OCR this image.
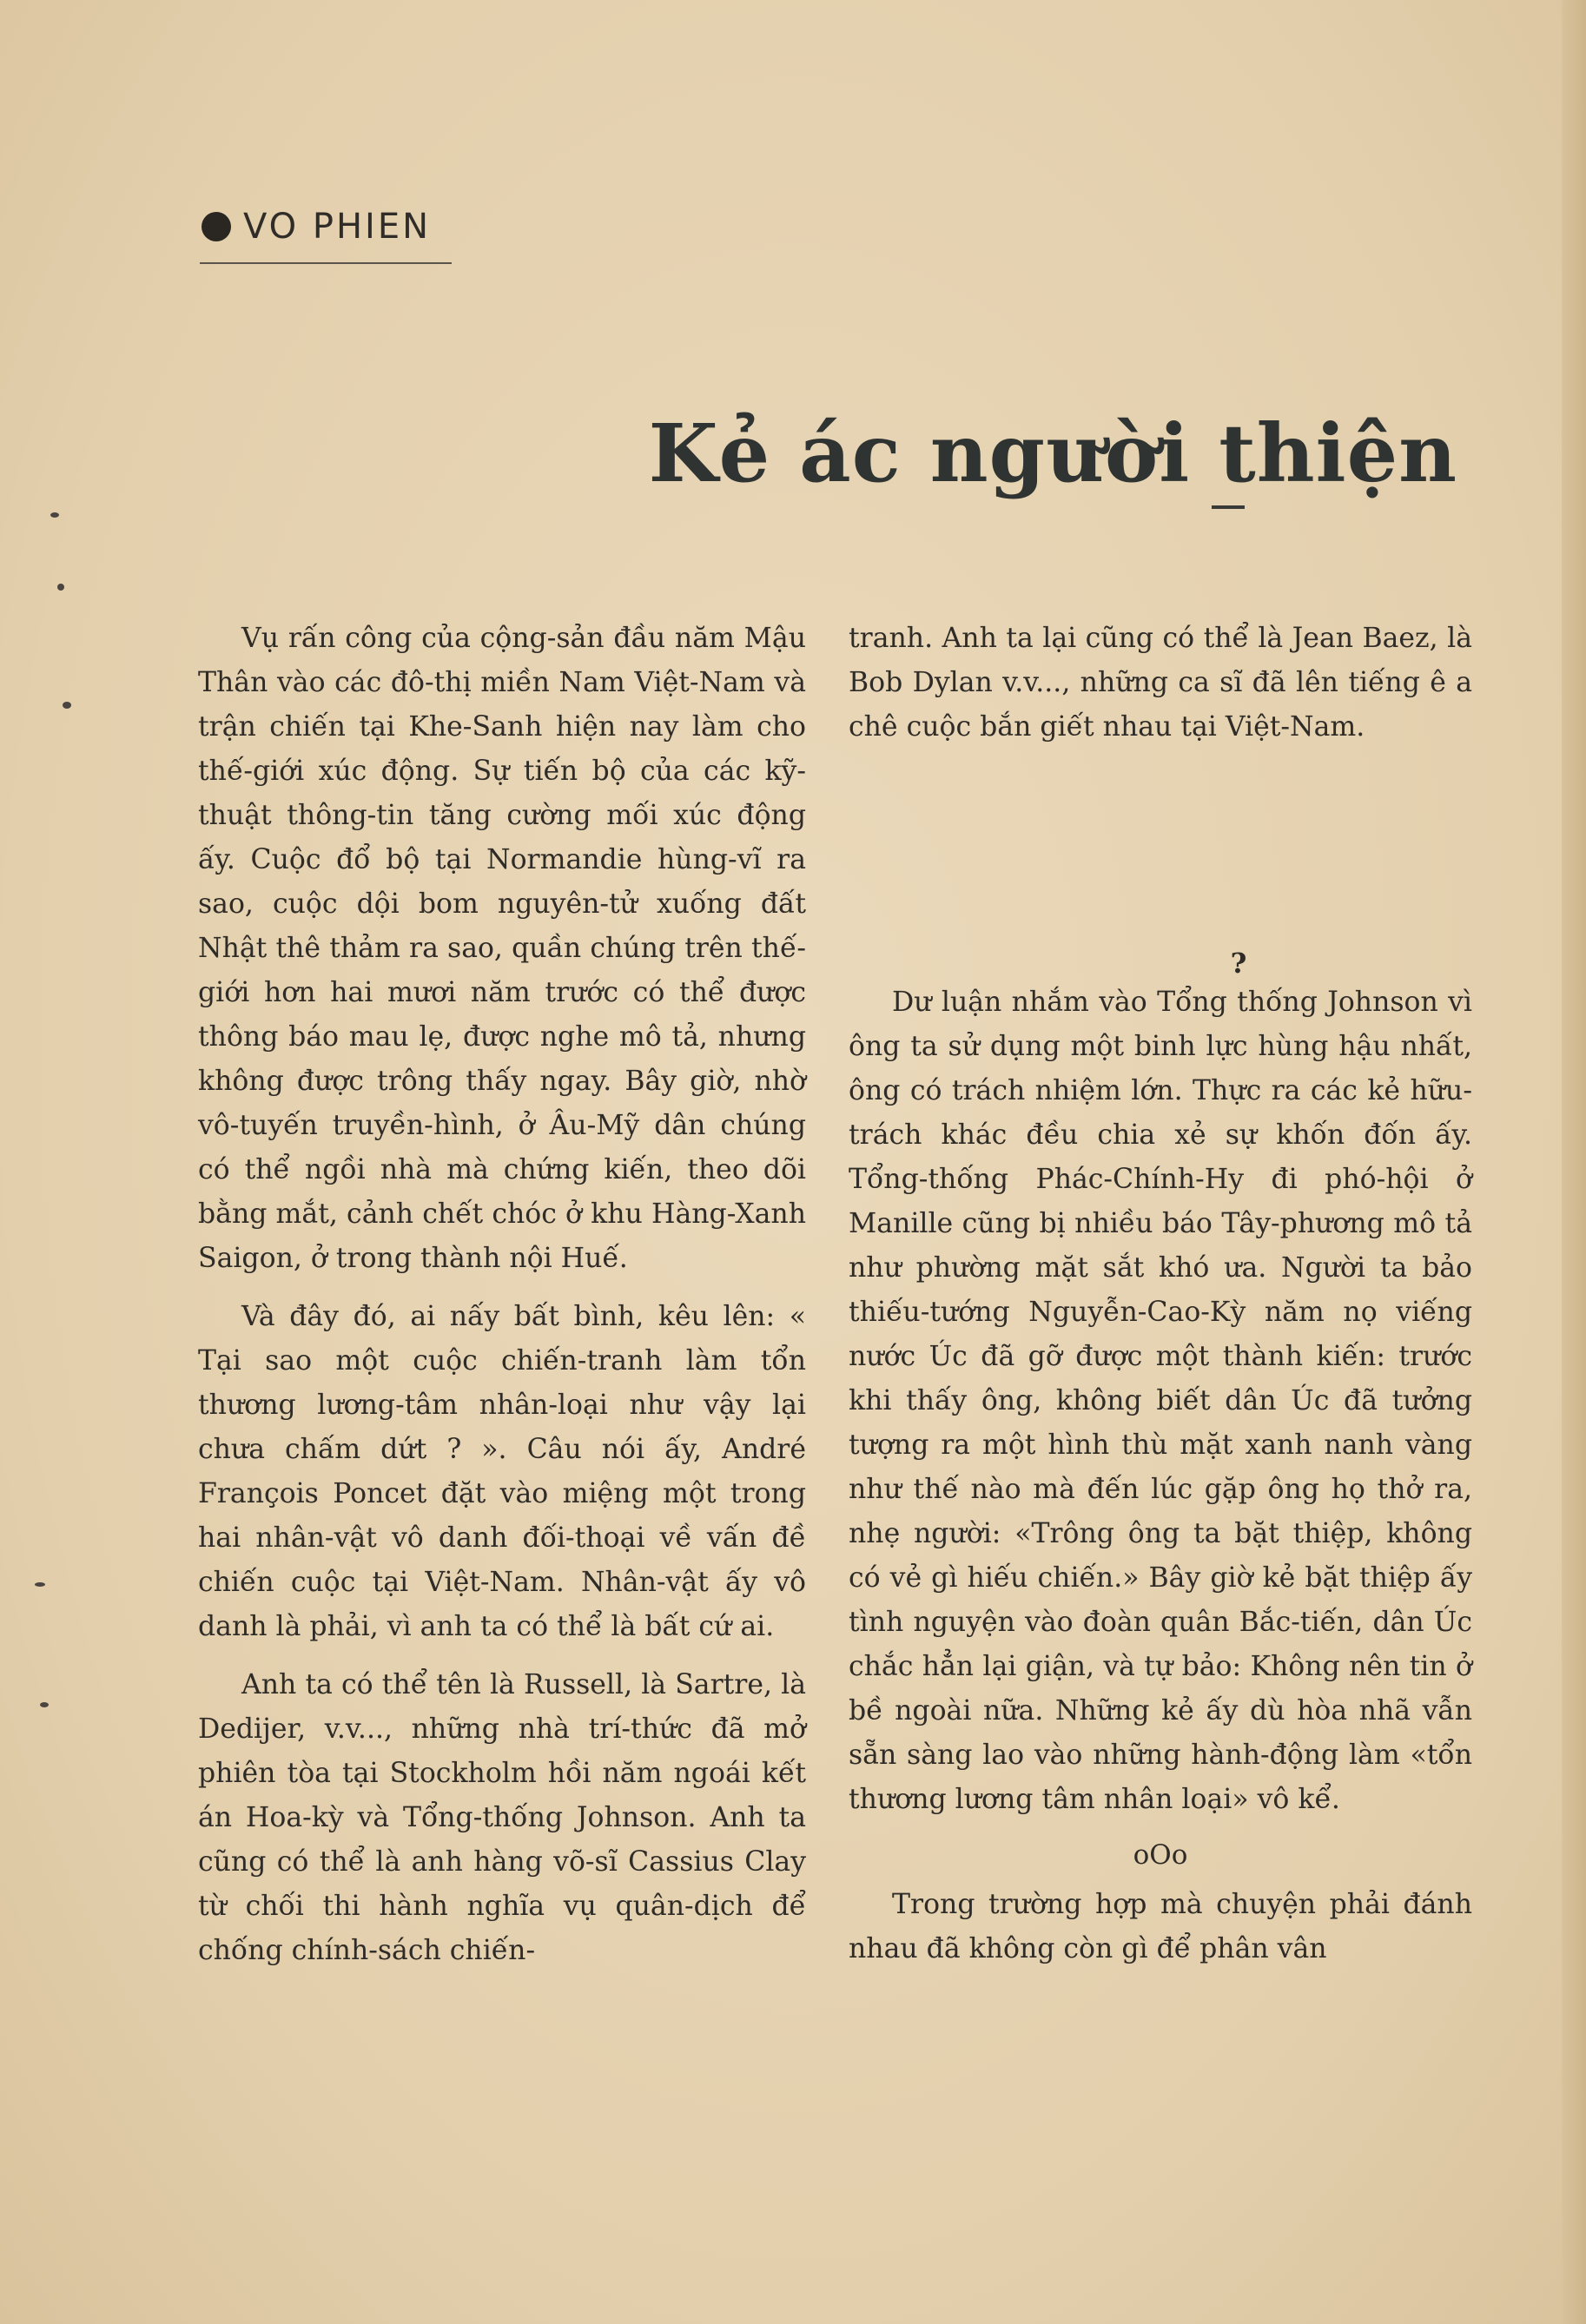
VO PHIEN
Kẻ ác người thiện

Vụ rấn công của cộng-sản đầu năm Mậu Thân vào các đô-thị miền Nam Việt-Nam và trận chiến tại Khe-Sanh hiện nay làm cho thế-giới xúc động. Sự tiến bộ của các kỹ-thuật thông-tin tăng cường mối xúc động ấy. Cuộc đổ bộ tại Normandie hùng-vĩ ra sao, cuộc dội bom nguyên-tử xuống đất Nhật thê thảm ra sao, quần chúng trên thế-giới hơn hai mươi năm trước có thể được thông báo mau lẹ, được nghe mô tả, nhưng không được trông thấy ngay. Bây giờ, nhờ vô-tuyến truyền-hình, ở Âu-Mỹ dân chúng có thể ngồi nhà mà chứng kiến, theo dõi bằng mắt, cảnh chết chóc ở khu Hàng-Xanh Saigon, ở trong thành nội Huế.

Và đây đó, ai nấy bất bình, kêu lên: « Tại sao một cuộc chiến-tranh làm tổn thương lương-tâm nhân-loại như vậy lại chưa chấm dứt ? ». Câu nói ấy, André François Poncet đặt vào miệng một trong hai nhân-vật vô danh đối-thoại về vấn đề chiến cuộc tại Việt-Nam. Nhân-vật ấy vô danh là phải, vì anh ta có thể là bất cứ ai.

Anh ta có thể tên là Russell, là Sartre, là Dedijer, v.v..., những nhà trí-thức đã mở phiên tòa tại Stockholm hồi năm ngoái kết án Hoa-kỳ và Tổng-thống Johnson. Anh ta cũng có thể là anh hàng võ-sĩ Cassius Clay từ chối thi hành nghĩa vụ quân-dịch để chống chính-sách chiến-

tranh. Anh ta lại cũng có thể là Jean Baez, là Bob Dylan v.v..., những ca sĩ đã lên tiếng ê a chê cuộc bắn giết nhau tại Việt-Nam.

?

Dư luận nhắm vào Tổng thống Johnson vì ông ta sử dụng một binh lực hùng hậu nhất, ông có trách nhiệm lớn. Thực ra các kẻ hữu-trách khác đều chia xẻ sự khốn đốn ấy. Tổng-thống Phác-Chính-Hy đi phó-hội ở Manille cũng bị nhiều báo Tây-phương mô tả như phường mặt sắt khó ưa. Người ta bảo thiếu-tướng Nguyễn-Cao-Kỳ năm nọ viếng nước Úc đã gỡ được một thành kiến: trước khi thấy ông, không biết dân Úc đã tưởng tượng ra một hình thù mặt xanh nanh vàng như thế nào mà đến lúc gặp ông họ thở ra, nhẹ người: «Trông ông ta bặt thiệp, không có vẻ gì hiếu chiến.» Bây giờ kẻ bặt thiệp ấy tình nguyện vào đoàn quân Bắc-tiến, dân Úc chắc hẳn lại giận, và tự bảo: Không nên tin ở bề ngoài nữa. Những kẻ ấy dù hòa nhã vẫn sẵn sàng lao vào những hành-động làm «tổn thương lương tâm nhân loại» vô kể.

oOo

Trong trường hợp mà chuyện phải đánh nhau đã không còn gì để phân vân
